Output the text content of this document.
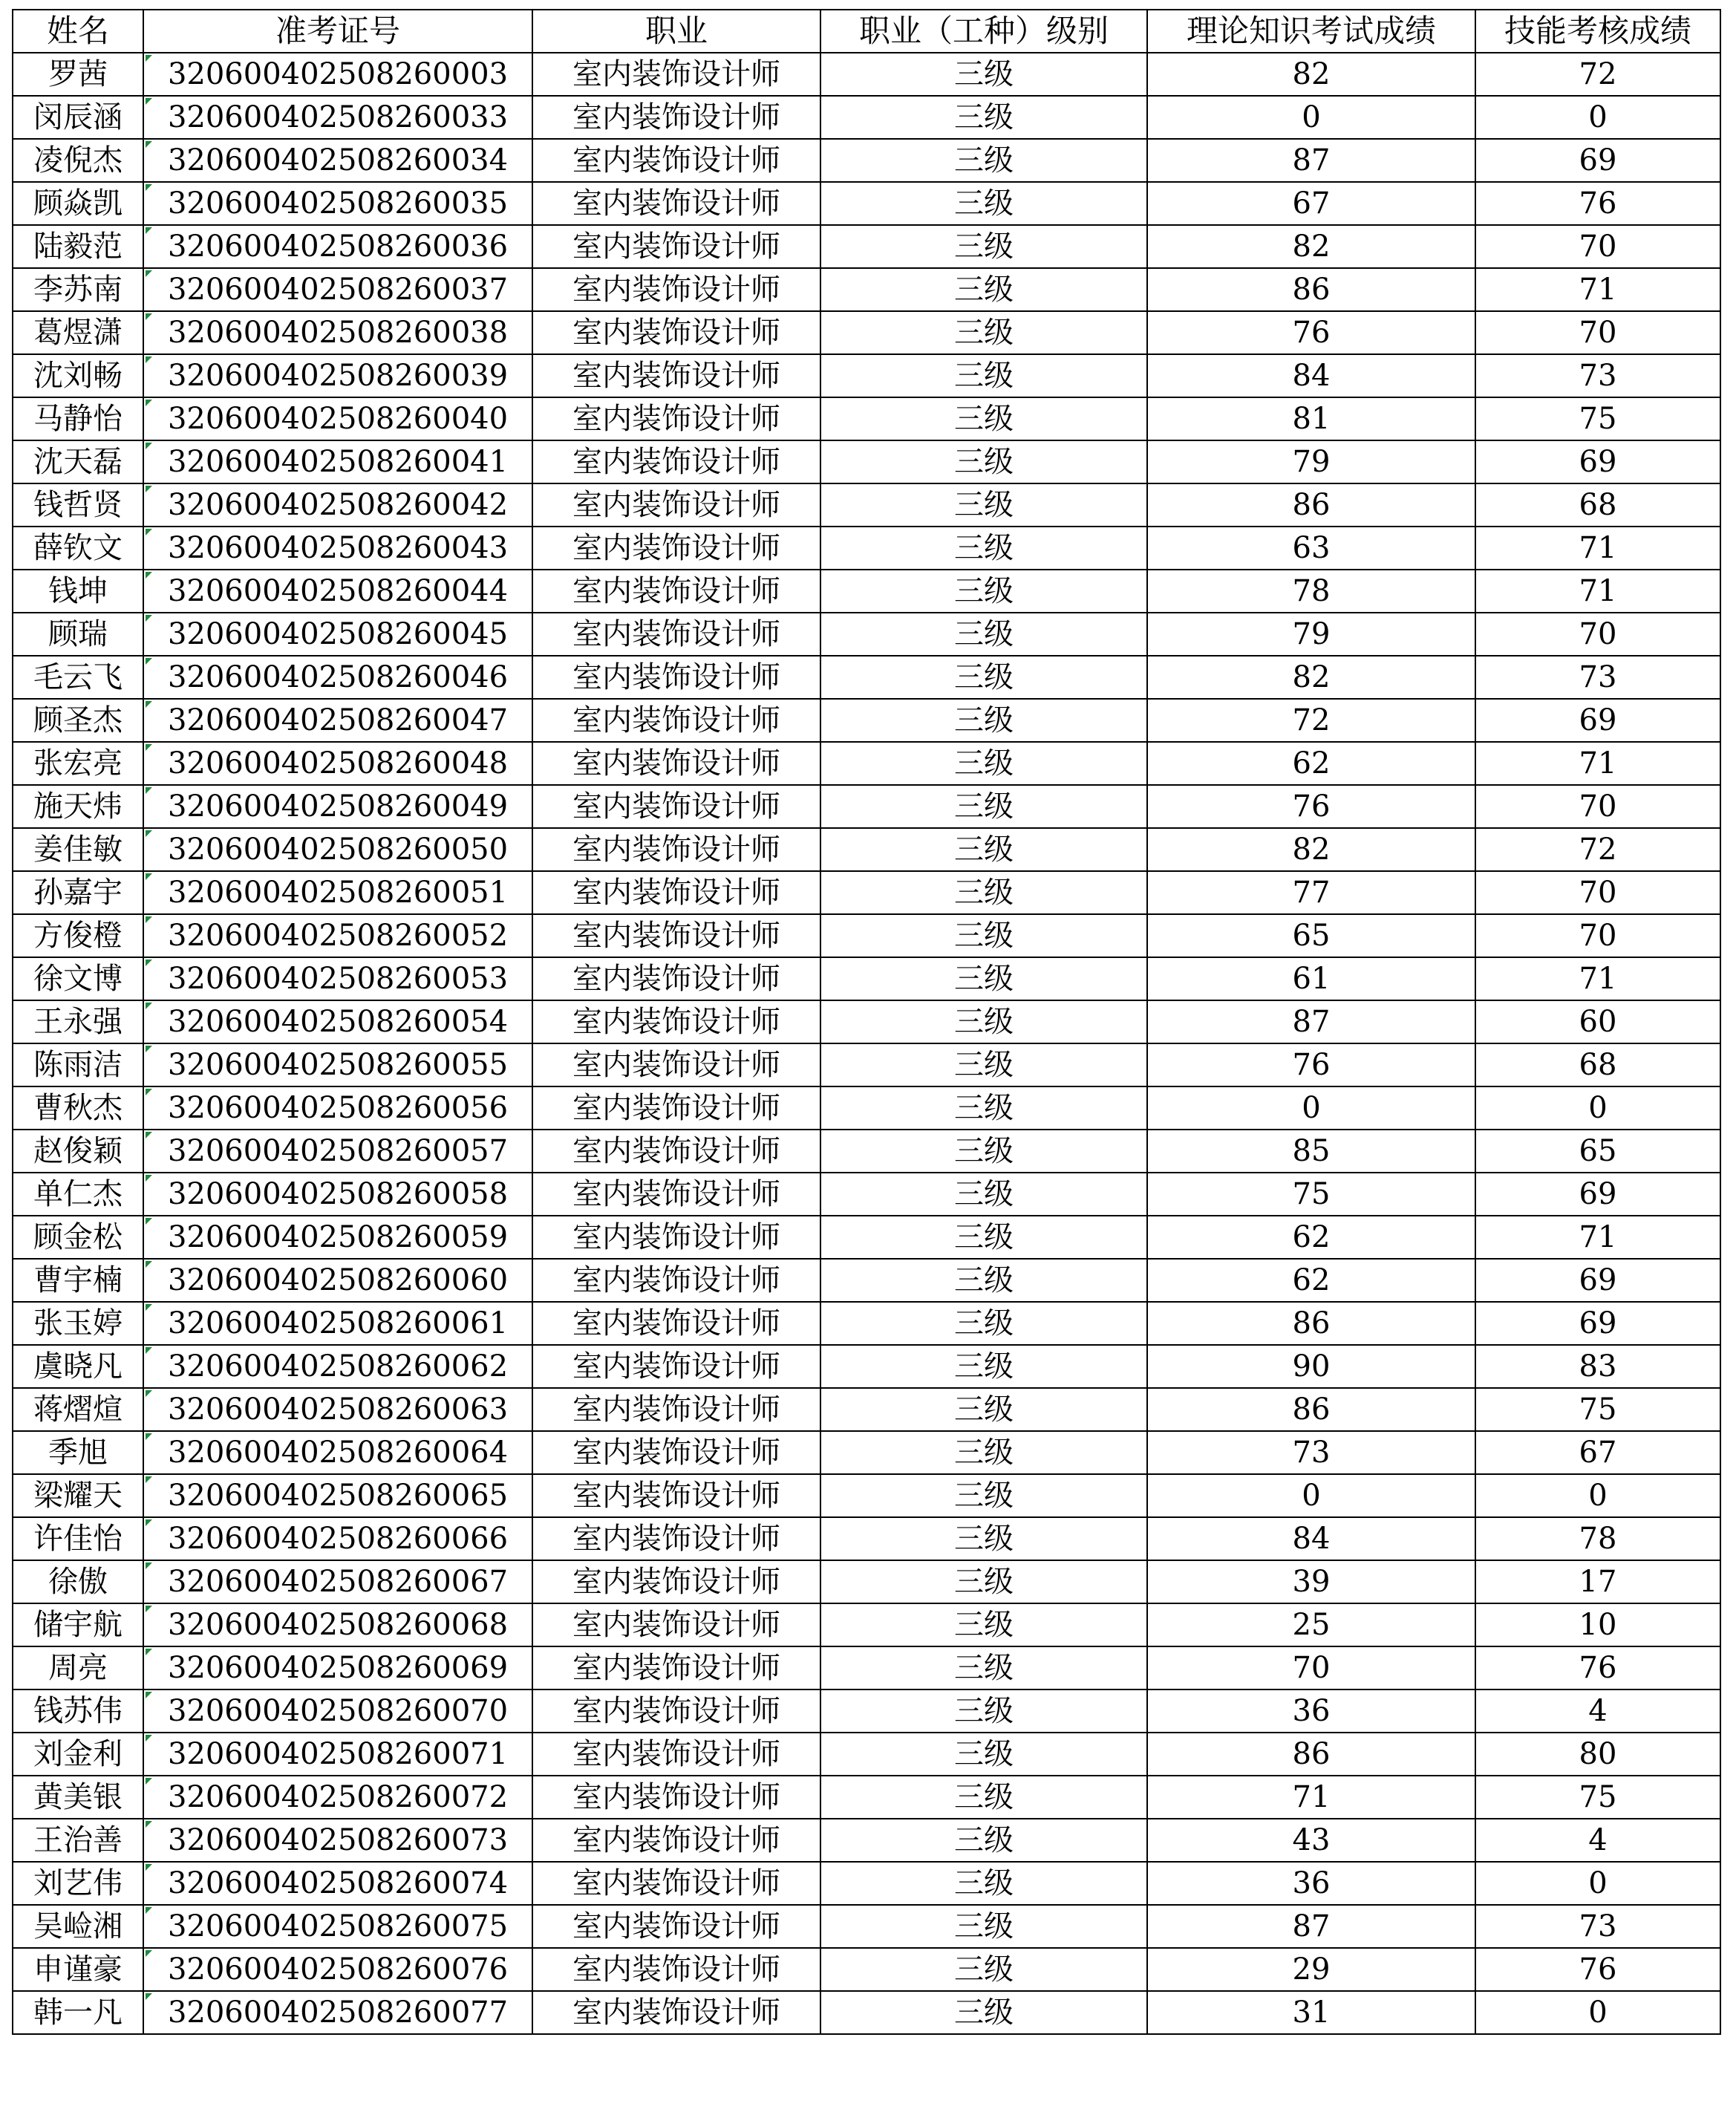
姓名	准考证号	职业	职业（工种）级别	理论知识考试成绩	技能考核成绩
罗茜	320600402508260003	室内装饰设计师	三级	82	72
闵辰涵	320600402508260033	室内装饰设计师	三级	0	0
凌倪杰	320600402508260034	室内装饰设计师	三级	87	69
顾焱凯	320600402508260035	室内装饰设计师	三级	67	76
陆毅范	320600402508260036	室内装饰设计师	三级	82	70
李苏南	320600402508260037	室内装饰设计师	三级	86	71
葛煜潇	320600402508260038	室内装饰设计师	三级	76	70
沈刘畅	320600402508260039	室内装饰设计师	三级	84	73
马静怡	320600402508260040	室内装饰设计师	三级	81	75
沈天磊	320600402508260041	室内装饰设计师	三级	79	69
钱哲贤	320600402508260042	室内装饰设计师	三级	86	68
薛钦文	320600402508260043	室内装饰设计师	三级	63	71
钱坤	320600402508260044	室内装饰设计师	三级	78	71
顾瑞	320600402508260045	室内装饰设计师	三级	79	70
毛云飞	320600402508260046	室内装饰设计师	三级	82	73
顾圣杰	320600402508260047	室内装饰设计师	三级	72	69
张宏亮	320600402508260048	室内装饰设计师	三级	62	71
施天炜	320600402508260049	室内装饰设计师	三级	76	70
姜佳敏	320600402508260050	室内装饰设计师	三级	82	72
孙嘉宇	320600402508260051	室内装饰设计师	三级	77	70
方俊橙	320600402508260052	室内装饰设计师	三级	65	70
徐文博	320600402508260053	室内装饰设计师	三级	61	71
王永强	320600402508260054	室内装饰设计师	三级	87	60
陈雨洁	320600402508260055	室内装饰设计师	三级	76	68
曹秋杰	320600402508260056	室内装饰设计师	三级	0	0
赵俊颖	320600402508260057	室内装饰设计师	三级	85	65
单仁杰	320600402508260058	室内装饰设计师	三级	75	69
顾金松	320600402508260059	室内装饰设计师	三级	62	71
曹宇楠	320600402508260060	室内装饰设计师	三级	62	69
张玉婷	320600402508260061	室内装饰设计师	三级	86	69
虞晓凡	320600402508260062	室内装饰设计师	三级	90	83
蒋熠煊	320600402508260063	室内装饰设计师	三级	86	75
季旭	320600402508260064	室内装饰设计师	三级	73	67
梁耀天	320600402508260065	室内装饰设计师	三级	0	0
许佳怡	320600402508260066	室内装饰设计师	三级	84	78
徐傲	320600402508260067	室内装饰设计师	三级	39	17
储宇航	320600402508260068	室内装饰设计师	三级	25	10
周亮	320600402508260069	室内装饰设计师	三级	70	76
钱苏伟	320600402508260070	室内装饰设计师	三级	36	4
刘金利	320600402508260071	室内装饰设计师	三级	86	80
黄美银	320600402508260072	室内装饰设计师	三级	71	75
王治善	320600402508260073	室内装饰设计师	三级	43	4
刘艺伟	320600402508260074	室内装饰设计师	三级	36	0
吴崄湘	320600402508260075	室内装饰设计师	三级	87	73
申谨豪	320600402508260076	室内装饰设计师	三级	29	76
韩一凡	320600402508260077	室内装饰设计师	三级	31	0
